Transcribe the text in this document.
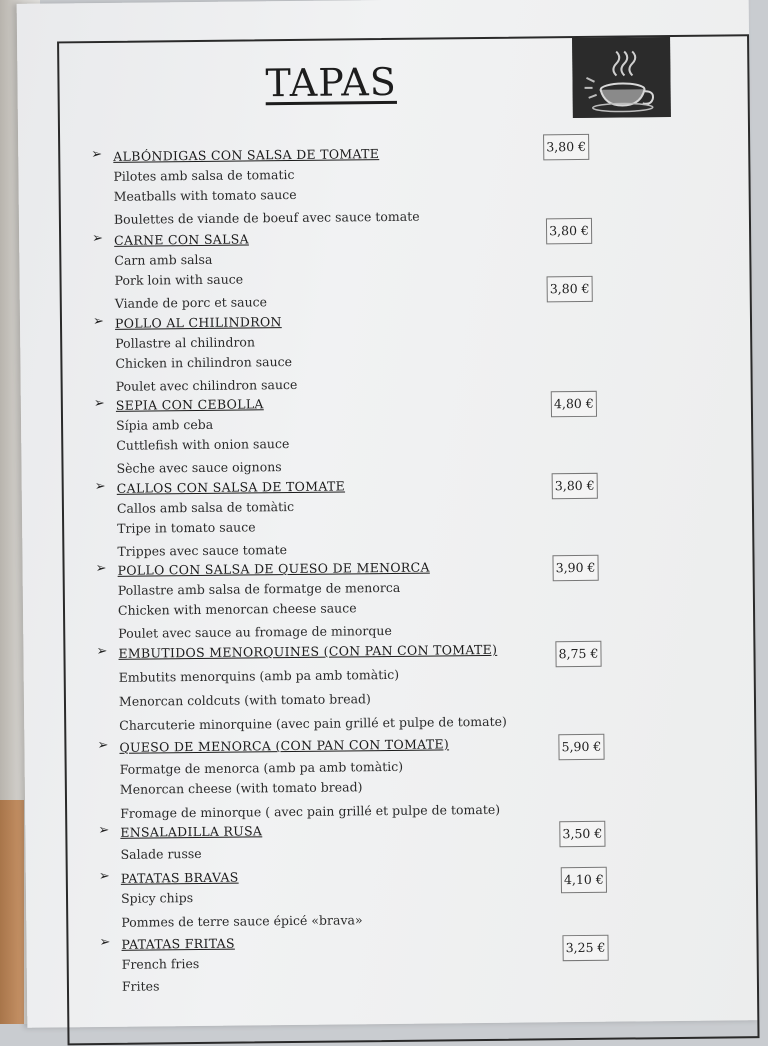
TAPAS
➢ ALBÓNDIGAS CON SALSA DE TOMATE
Pilotes amb salsa de tomatic
Meatballs with tomato sauce
Boulettes de viande de boeuf avec sauce tomate
3,80 €
➢ CARNE CON SALSA
Carn amb salsa
Pork loin with sauce
Viande de porc et sauce
3,80 €
3,80 €
➢ POLLO AL CHILINDRON
Pollastre al chilindron
Chicken in chilindron sauce
Poulet avec chilindron sauce
➢ SEPIA CON CEBOLLA
Sípia amb ceba
Cuttlefish with onion sauce
Sèche avec sauce oignons
4,80 €
➢ CALLOS CON SALSA DE TOMATE
Callos amb salsa de tomàtic
Tripe in tomato sauce
Trippes avec sauce tomate
3,80 €
➢ POLLO CON SALSA DE QUESO DE MENORCA
Pollastre amb salsa de formatge de menorca
Chicken with menorcan cheese sauce
Poulet avec sauce au fromage de minorque
3,90 €
➢ EMBUTIDOS MENORQUINES (CON PAN CON TOMATE)
Embutits menorquins (amb pa amb tomàtic)
Menorcan coldcuts (with tomato bread)
Charcuterie minorquine (avec pain grillé et pulpe de tomate)
8,75 €
➢ QUESO DE MENORCA (CON PAN CON TOMATE)
Formatge de menorca (amb pa amb tomàtic)
Menorcan cheese (with tomato bread)
Fromage de minorque ( avec pain grillé et pulpe de tomate)
5,90 €
➢ ENSALADILLA RUSA
Salade russe
3,50 €
➢ PATATAS BRAVAS
Spicy chips
Pommes de terre sauce épicé «brava»
4,10 €
➢ PATATAS FRITAS
French fries
Frites
3,25 €
